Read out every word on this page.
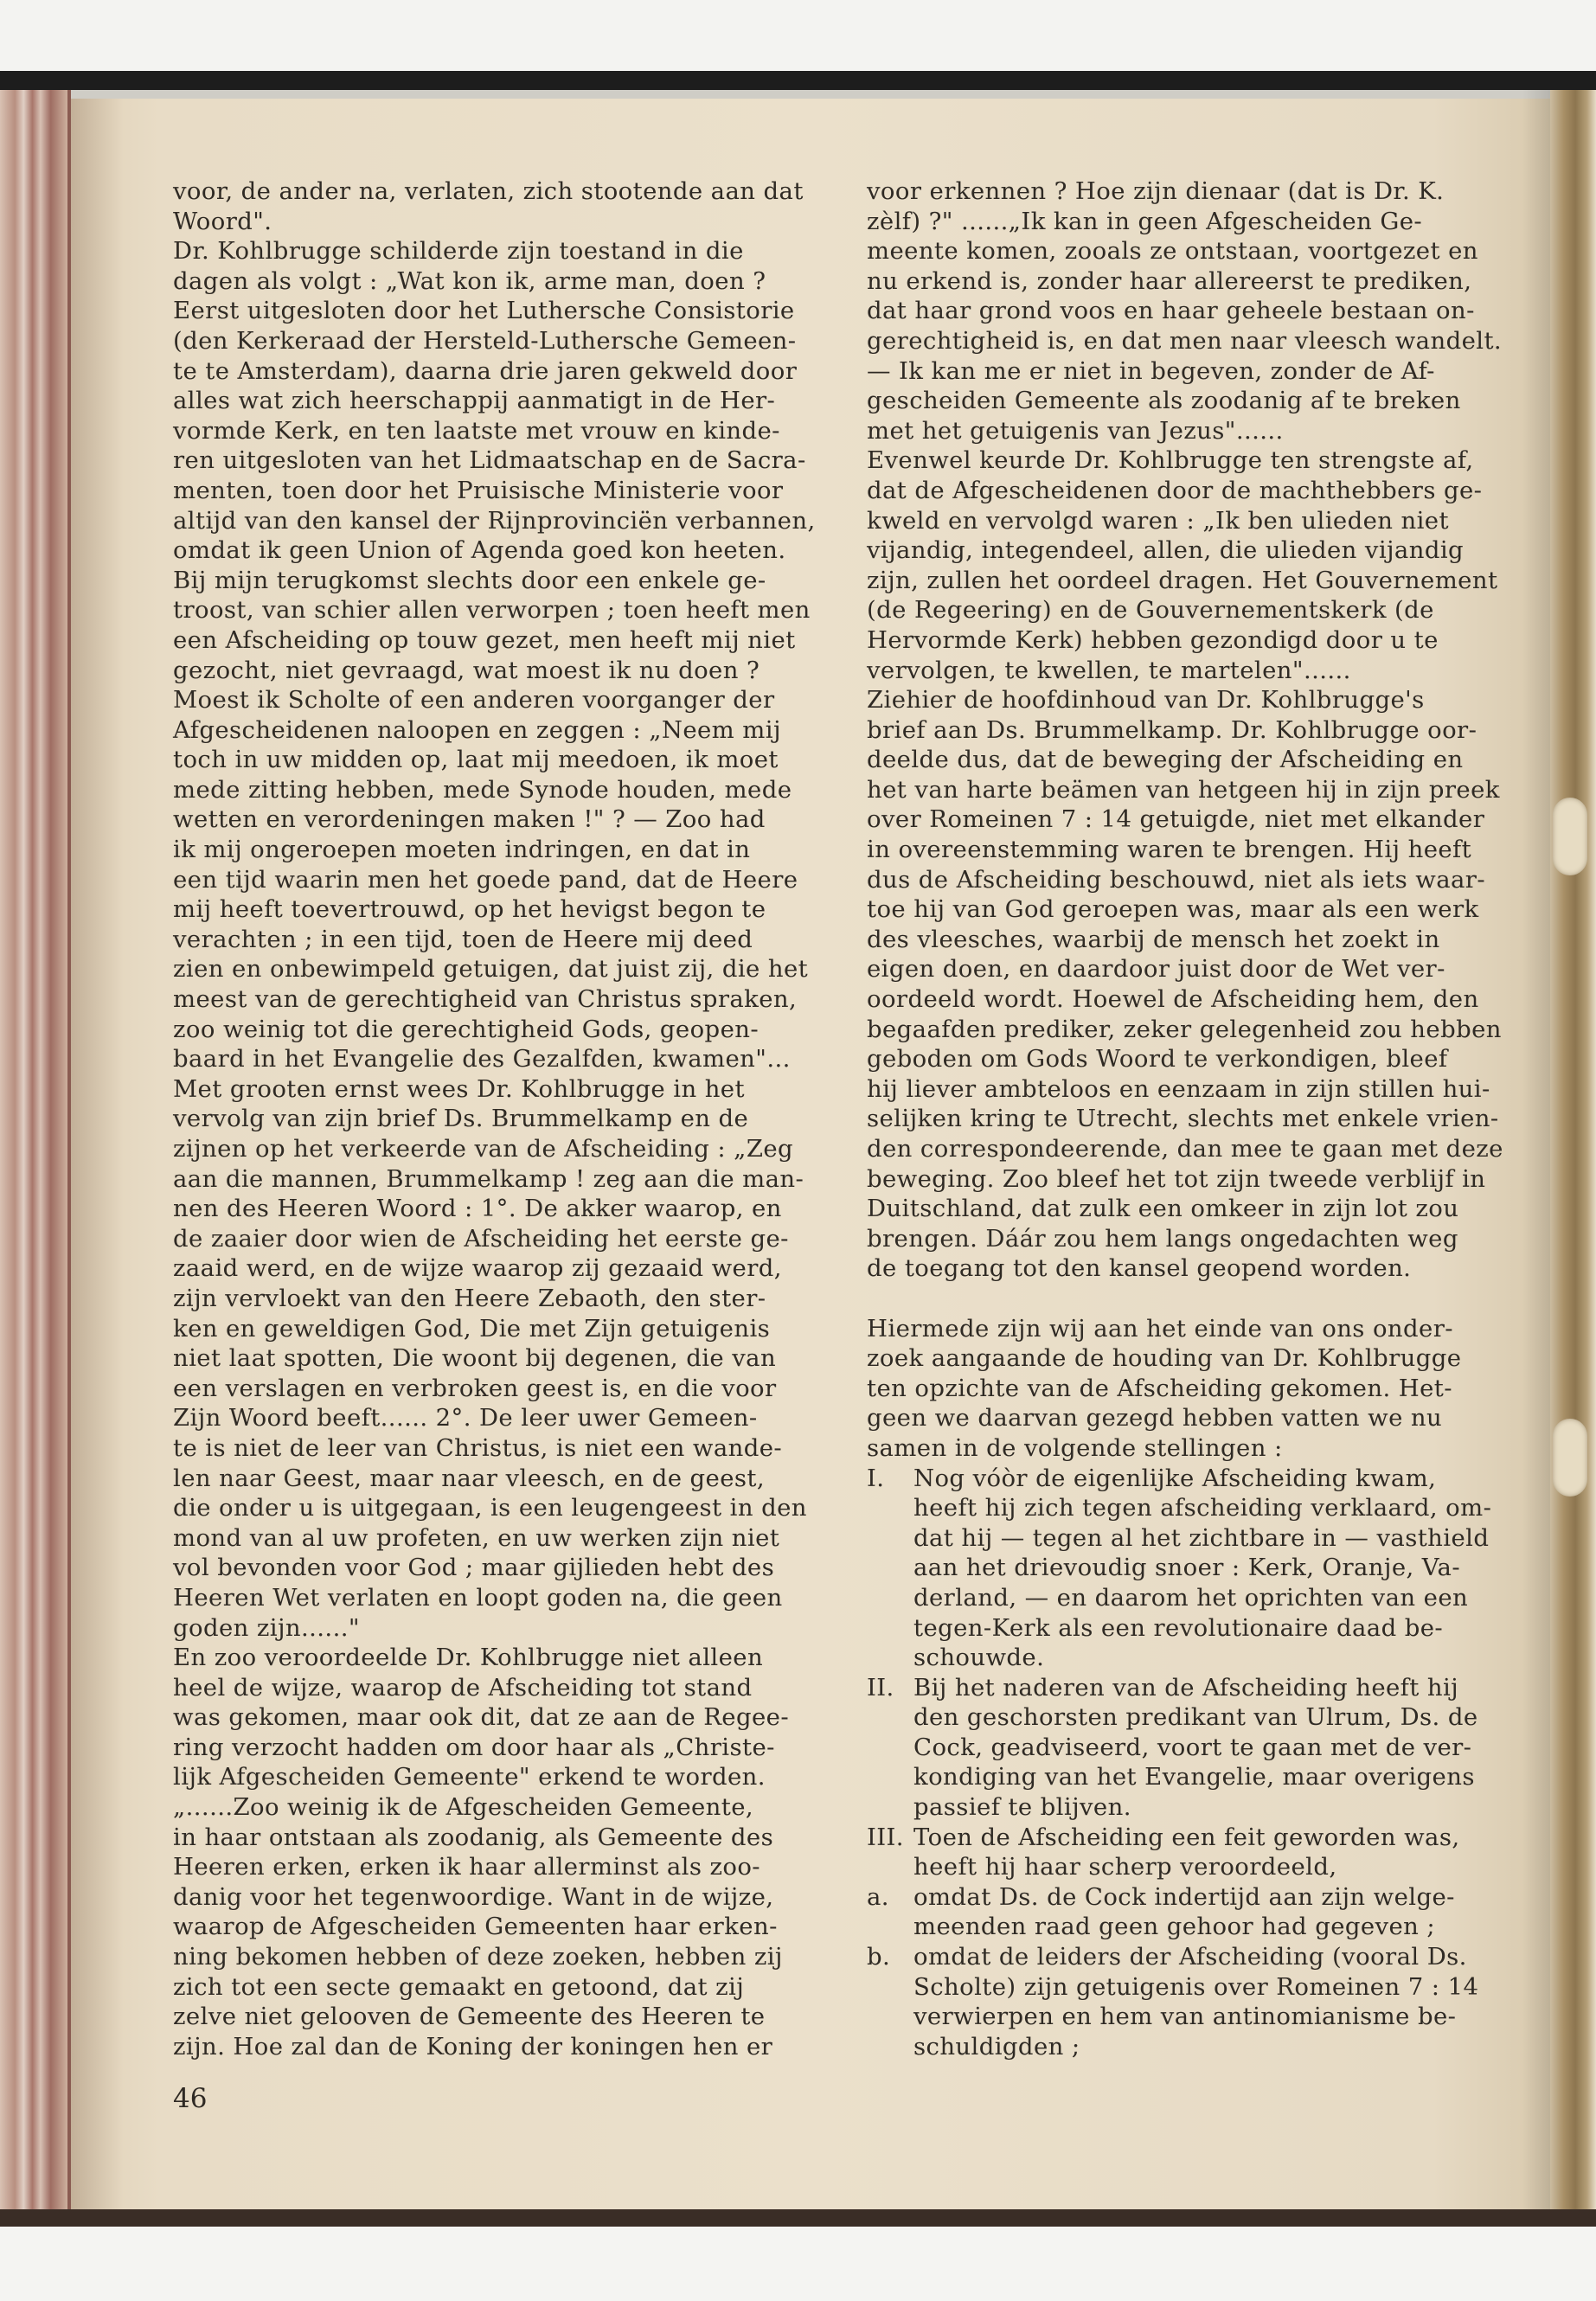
voor, de ander na, verlaten, zich stootende aan dat
Woord".
Dr. Kohlbrugge schilderde zijn toestand in die
dagen als volgt : „Wat kon ik, arme man, doen ?
Eerst uitgesloten door het Luthersche Consistorie
(den Kerkeraad der Hersteld-Luthersche Gemeen-
te te Amsterdam), daarna drie jaren gekweld door
alles wat zich heerschappij aanmatigt in de Her-
vormde Kerk, en ten laatste met vrouw en kinde-
ren uitgesloten van het Lidmaatschap en de Sacra-
menten, toen door het Pruisische Ministerie voor
altijd van den kansel der Rijnprovinciën verbannen,
omdat ik geen Union of Agenda goed kon heeten.
Bij mijn terugkomst slechts door een enkele ge-
troost, van schier allen verworpen ; toen heeft men
een Afscheiding op touw gezet, men heeft mij niet
gezocht, niet gevraagd, wat moest ik nu doen ?
Moest ik Scholte of een anderen voorganger der
Afgescheidenen naloopen en zeggen : „Neem mij
toch in uw midden op, laat mij meedoen, ik moet
mede zitting hebben, mede Synode houden, mede
wetten en verordeningen maken !" ? — Zoo had
ik mij ongeroepen moeten indringen, en dat in
een tijd waarin men het goede pand, dat de Heere
mij heeft toevertrouwd, op het hevigst begon te
verachten ; in een tijd, toen de Heere mij deed
zien en onbewimpeld getuigen, dat juist zij, die het
meest van de gerechtigheid van Christus spraken,
zoo weinig tot die gerechtigheid Gods, geopen-
baard in het Evangelie des Gezalfden, kwamen"...
Met grooten ernst wees Dr. Kohlbrugge in het
vervolg van zijn brief Ds. Brummelkamp en de
zijnen op het verkeerde van de Afscheiding : „Zeg
aan die mannen, Brummelkamp ! zeg aan die man-
nen des Heeren Woord : 1°. De akker waarop, en
de zaaier door wien de Afscheiding het eerste ge-
zaaid werd, en de wijze waarop zij gezaaid werd,
zijn vervloekt van den Heere Zebaoth, den ster-
ken en geweldigen God, Die met Zijn getuigenis
niet laat spotten, Die woont bij degenen, die van
een verslagen en verbroken geest is, en die voor
Zijn Woord beeft...... 2°. De leer uwer Gemeen-
te is niet de leer van Christus, is niet een wande-
len naar Geest, maar naar vleesch, en de geest,
die onder u is uitgegaan, is een leugengeest in den
mond van al uw profeten, en uw werken zijn niet
vol bevonden voor God ; maar gijlieden hebt des
Heeren Wet verlaten en loopt goden na, die geen
goden zijn......"
En zoo veroordeelde Dr. Kohlbrugge niet alleen
heel de wijze, waarop de Afscheiding tot stand
was gekomen, maar ook dit, dat ze aan de Regee-
ring verzocht hadden om door haar als „Christe-
lijk Afgescheiden Gemeente" erkend te worden.
„......Zoo weinig ik de Afgescheiden Gemeente,
in haar ontstaan als zoodanig, als Gemeente des
Heeren erken, erken ik haar allerminst als zoo-
danig voor het tegenwoordige. Want in de wijze,
waarop de Afgescheiden Gemeenten haar erken-
ning bekomen hebben of deze zoeken, hebben zij
zich tot een secte gemaakt en getoond, dat zij
zelve niet gelooven de Gemeente des Heeren te
zijn. Hoe zal dan de Koning der koningen hen er
voor erkennen ? Hoe zijn dienaar (dat is Dr. K.
zèlf) ?" ......„Ik kan in geen Afgescheiden Ge-
meente komen, zooals ze ontstaan, voortgezet en
nu erkend is, zonder haar allereerst te prediken,
dat haar grond voos en haar geheele bestaan on-
gerechtigheid is, en dat men naar vleesch wandelt.
— Ik kan me er niet in begeven, zonder de Af-
gescheiden Gemeente als zoodanig af te breken
met het getuigenis van Jezus"......
Evenwel keurde Dr. Kohlbrugge ten strengste af,
dat de Afgescheidenen door de machthebbers ge-
kweld en vervolgd waren : „Ik ben ulieden niet
vijandig, integendeel, allen, die ulieden vijandig
zijn, zullen het oordeel dragen. Het Gouvernement
(de Regeering) en de Gouvernementskerk (de
Hervormde Kerk) hebben gezondigd door u te
vervolgen, te kwellen, te martelen"......
Ziehier de hoofdinhoud van Dr. Kohlbrugge's
brief aan Ds. Brummelkamp. Dr. Kohlbrugge oor-
deelde dus, dat de beweging der Afscheiding en
het van harte beämen van hetgeen hij in zijn preek
over Romeinen 7 : 14 getuigde, niet met elkander
in overeenstemming waren te brengen. Hij heeft
dus de Afscheiding beschouwd, niet als iets waar-
toe hij van God geroepen was, maar als een werk
des vleesches, waarbij de mensch het zoekt in
eigen doen, en daardoor juist door de Wet ver-
oordeeld wordt. Hoewel de Afscheiding hem, den
begaafden prediker, zeker gelegenheid zou hebben
geboden om Gods Woord te verkondigen, bleef
hij liever ambteloos en eenzaam in zijn stillen hui-
selijken kring te Utrecht, slechts met enkele vrien-
den correspondeerende, dan mee te gaan met deze
beweging. Zoo bleef het tot zijn tweede verblijf in
Duitschland, dat zulk een omkeer in zijn lot zou
brengen. Dáár zou hem langs ongedachten weg
de toegang tot den kansel geopend worden.
Hiermede zijn wij aan het einde van ons onder-
zoek aangaande de houding van Dr. Kohlbrugge
ten opzichte van de Afscheiding gekomen. Het-
geen we daarvan gezegd hebben vatten we nu
samen in de volgende stellingen :
I.	Nog vóòr de eigenlijke Afscheiding kwam,
heeft hij zich tegen afscheiding verklaard, om-
dat hij — tegen al het zichtbare in — vasthield
aan het drievoudig snoer : Kerk, Oranje, Va-
derland, — en daarom het oprichten van een
tegen-Kerk als een revolutionaire daad be-
schouwde.
II. Bij het naderen van de Afscheiding heeft hij
den geschorsten predikant van Ulrum, Ds. de
Cock, geadviseerd, voort te gaan met de ver-
kondiging van het Evangelie, maar overigens
passief te blijven.
III. Toen de Afscheiding een feit geworden was,
heeft hij haar scherp veroordeeld,
a.	omdat Ds. de Cock indertijd aan zijn welge-
meenden raad geen gehoor had gegeven ;
b. omdat de leiders der Afscheiding (vooral Ds.
Scholte) zijn getuigenis over Romeinen 7 : 14
verwierpen en hem van antinomianisme be-
schuldigden ;
46
